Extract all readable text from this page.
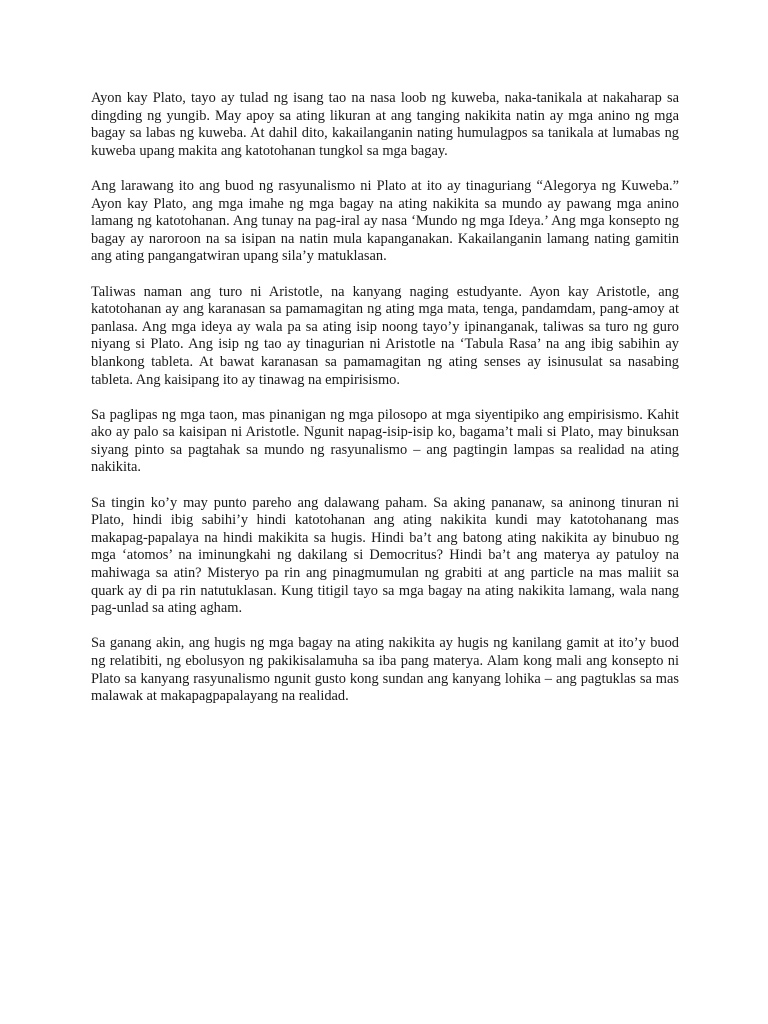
Ayon kay Plato, tayo ay tulad ng isang tao na nasa loob ng kuweba, naka-tanikala at nakaharap sa dingding ng yungib. May apoy sa ating likuran at ang tanging nakikita natin ay mga anino ng mga bagay sa labas ng kuweba. At dahil dito, kakailanganin nating humulagpos sa tanikala at lumabas ng kuweba upang makita ang katotohanan tungkol sa mga bagay.

Ang larawang ito ang buod ng rasyunalismo ni Plato at ito ay tinaguriang “Alegorya ng Kuweba.” Ayon kay Plato, ang mga imahe ng mga bagay na ating nakikita sa mundo ay pawang mga anino lamang ng katotohanan. Ang tunay na pag-iral ay nasa ‘Mundo ng mga Ideya.’ Ang mga konsepto ng bagay ay naroroon na sa isipan na natin mula kapanganakan. Kakailanganin lamang nating gamitin ang ating pangangatwiran upang sila’y matuklasan.

Taliwas naman ang turo ni Aristotle, na kanyang naging estudyante. Ayon kay Aristotle, ang katotohanan ay ang karanasan sa pamamagitan ng ating mga mata, tenga, pandamdam, pang-amoy at panlasa. Ang mga ideya ay wala pa sa ating isip noong tayo’y ipinanganak, taliwas sa turo ng guro niyang si Plato. Ang isip ng tao ay tinagurian ni Aristotle na ‘Tabula Rasa’ na ang ibig sabihin ay blankong tableta. At bawat karanasan sa pamamagitan ng ating senses ay isinusulat sa nasabing tableta. Ang kaisipang ito ay tinawag na empirisismo.

Sa paglipas ng mga taon, mas pinanigan ng mga pilosopo at mga siyentipiko ang empirisismo. Kahit ako ay palo sa kaisipan ni Aristotle. Ngunit napag-isip-isip ko, bagama’t mali si Plato, may binuksan siyang pinto sa pagtahak sa mundo ng rasyunalismo – ang pagtingin lampas sa realidad na ating nakikita.

Sa tingin ko’y may punto pareho ang dalawang paham. Sa aking pananaw, sa aninong tinuran ni Plato, hindi ibig sabihi’y hindi katotohanan ang ating nakikita kundi may katotohanang mas makapag-papalaya na hindi makikita sa hugis. Hindi ba’t ang batong ating nakikita ay binubuo ng mga ‘atomos’ na iminungkahi ng dakilang si Democritus? Hindi ba’t ang materya ay patuloy na mahiwaga sa atin? Misteryo pa rin ang pinagmumulan ng grabiti at ang particle na mas maliit sa quark ay di pa rin natutuklasan. Kung titigil tayo sa mga bagay na ating nakikita lamang, wala nang pag-unlad sa ating agham.

Sa ganang akin, ang hugis ng mga bagay na ating nakikita ay hugis ng kanilang gamit at ito’y buod ng relatibiti, ng ebolusyon ng pakikisalamuha sa iba pang materya. Alam kong mali ang konsepto ni Plato sa kanyang rasyunalismo ngunit gusto kong sundan ang kanyang lohika – ang pagtuklas sa mas malawak at makapagpapalayang na realidad.
